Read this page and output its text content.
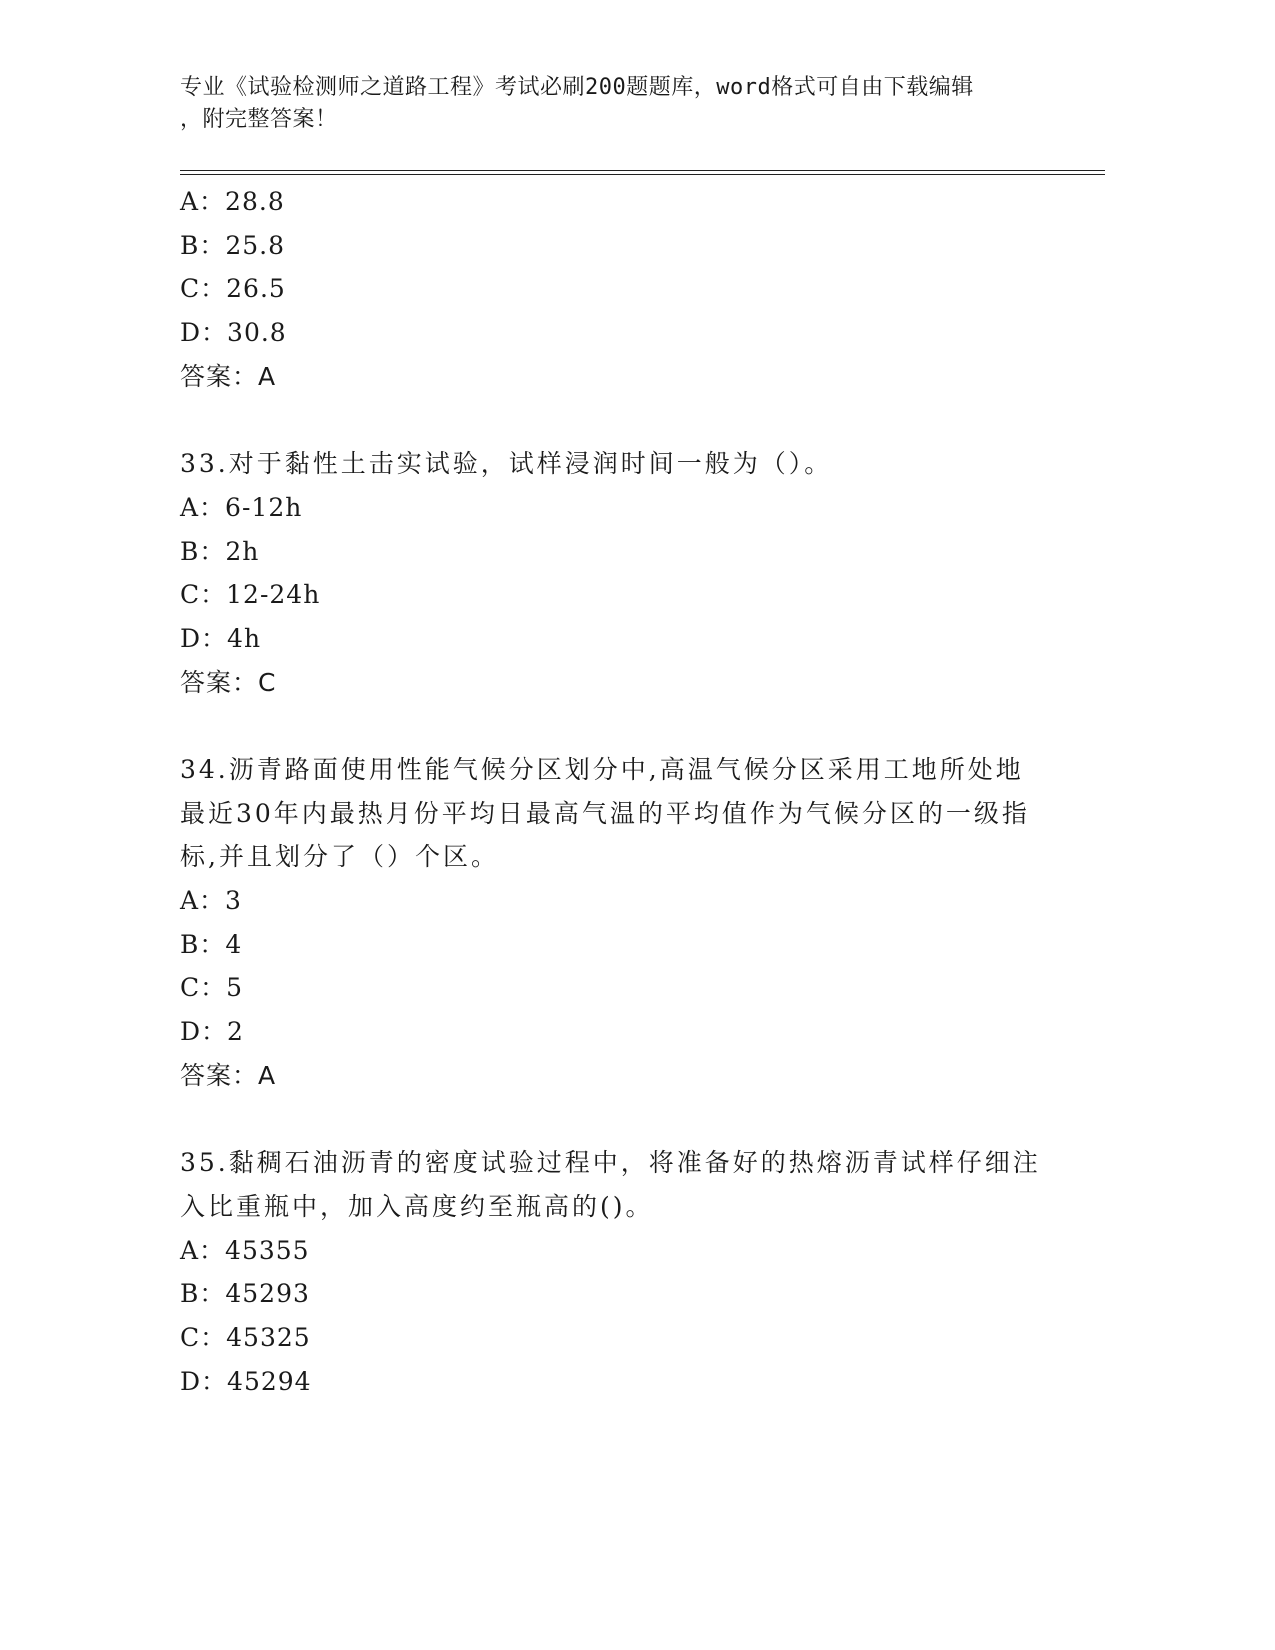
专业《试验检测师之道路工程》考试必刷200题题库，word格式可自由下载编辑
，附完整答案！
A：28.8
B：25.8
C：26.5
D：30.8
答案：A
33.对于黏性土击实试验，试样浸润时间一般为（）。
A：6-12h
B：2h
C：12-24h
D：4h
答案：C
34.沥青路面使用性能气候分区划分中,高温气候分区采用工地所处地
最近30年内最热月份平均日最高气温的平均值作为气候分区的一级指
标,并且划分了（）个区。
A：3
B：4
C：5
D：2
答案：A
35.黏稠石油沥青的密度试验过程中，将准备好的热熔沥青试样仔细注
入比重瓶中，加入高度约至瓶高的()。
A：45355
B：45293
C：45325
D：45294
